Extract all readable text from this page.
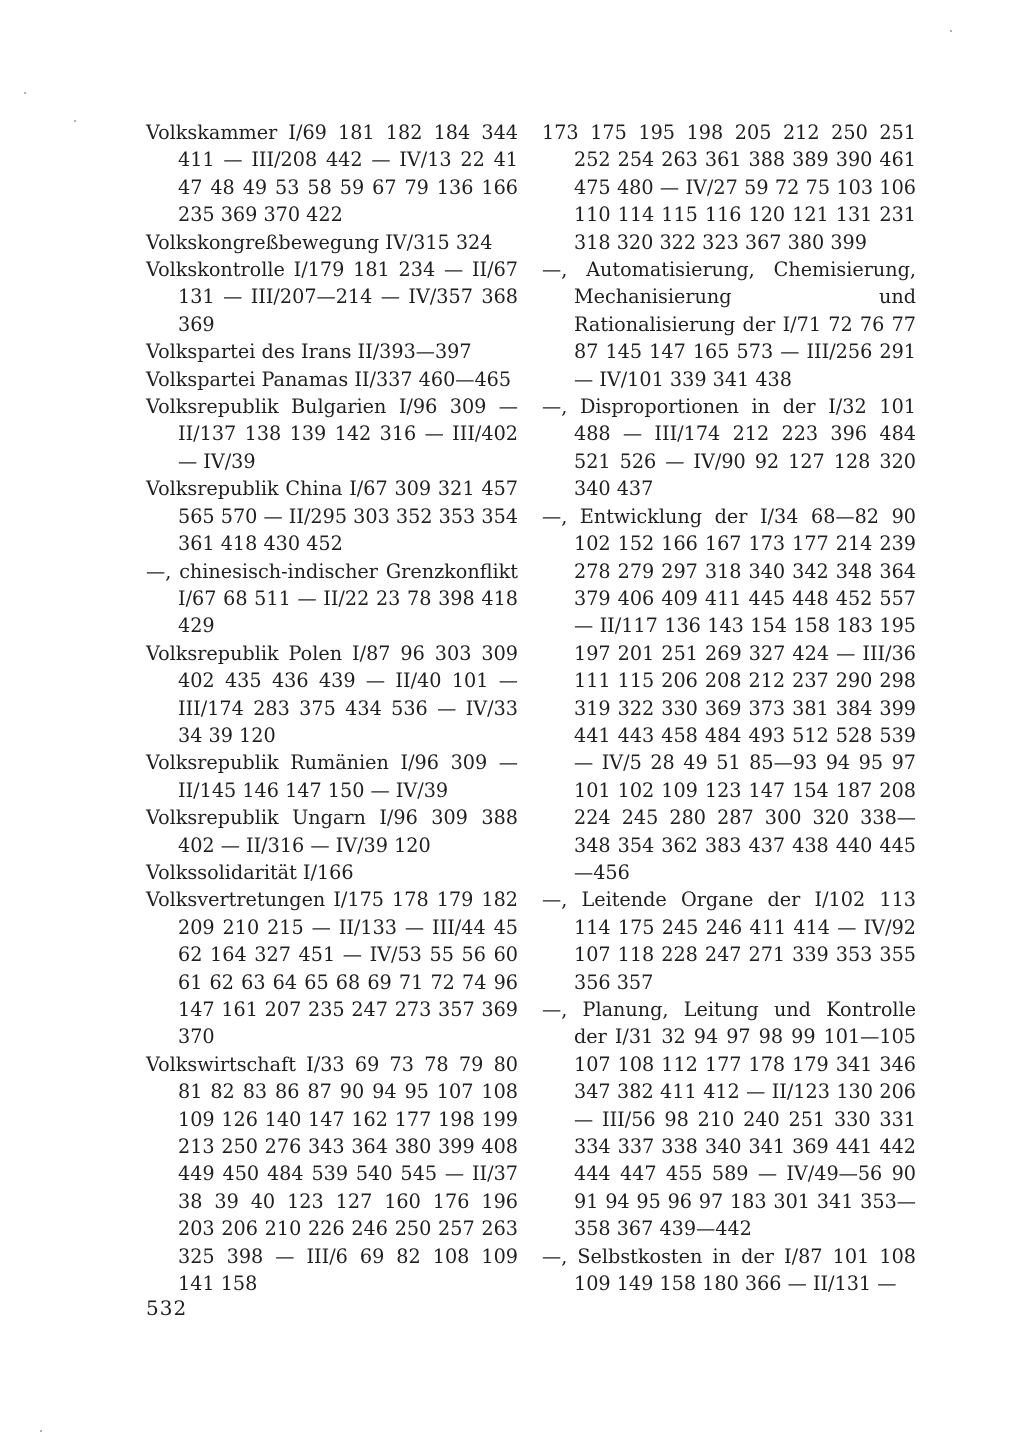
Volkskammer I/69 181 182 184 344 411 — III/208 442 — IV/13 22 41 47 48 49 53 58 59 67 79 136 166 235 369 370 422

Volkskongreßbewegung IV/315 324

Volkskontrolle I/179 181 234 — II/67 131 — III/207—214 — IV/357 368 369

Volkspartei des Irans II/393—397

Volkspartei Panamas II/337 460—465

Volksrepublik Bulgarien I/96 309 — II/137 138 139 142 316 — III/402 — IV/39

Volksrepublik China I/67 309 321 457 565 570 — II/295 303 352 353 354 361 418 430 452

—, chinesisch-indischer Grenzkonflikt I/67 68 511 — II/22 23 78 398 418 429

Volksrepublik Polen I/87 96 303 309 402 435 436 439 — II/40 101 — III/174 283 375 434 536 — IV/33 34 39 120

Volksrepublik Rumänien I/96 309 — II/145 146 147 150 — IV/39

Volksrepublik Ungarn I/96 309 388 402 — II/316 — IV/39 120

Volkssolidarität I/166

Volksvertretungen I/175 178 179 182 209 210 215 — II/133 — III/44 45 62 164 327 451 — IV/53 55 56 60 61 62 63 64 65 68 69 71 72 74 96 147 161 207 235 247 273 357 369 370

Volkswirtschaft I/33 69 73 78 79 80 81 82 83 86 87 90 94 95 107 108 109 126 140 147 162 177 198 199 213 250 276 343 364 380 399 408 449 450 484 539 540 545 — II/37 38 39 40 123 127 160 176 196 203 206 210 226 246 250 257 263 325 398 — III/6 69 82 108 109 141 158

173 175 195 198 205 212 250 251 252 254 263 361 388 389 390 461 475 480 — IV/27 59 72 75 103 106 110 114 115 116 120 121 131 231 318 320 322 323 367 380 399

—, Automatisierung, Chemisierung, Mechanisierung und Rationalisierung der I/71 72 76 77 87 145 147 165 573 — III/256 291 — IV/101 339 341 438

—, Disproportionen in der I/32 101 488 — III/174 212 223 396 484 521 526 — IV/90 92 127 128 320 340 437

—, Entwicklung der I/34 68—82 90 102 152 166 167 173 177 214 239 278 279 297 318 340 342 348 364 379 406 409 411 445 448 452 557 — II/117 136 143 154 158 183 195 197 201 251 269 327 424 — III/36 111 115 206 208 212 237 290 298 319 322 330 369 373 381 384 399 441 443 458 484 493 512 528 539 — IV/5 28 49 51 85—93 94 95 97 101 102 109 123 147 154 187 208 224 245 280 287 300 320 338—348 354 362 383 437 438 440 445—456

—, Leitende Organe der I/102 113 114 175 245 246 411 414 — IV/92 107 118 228 247 271 339 353 355 356 357

—, Planung, Leitung und Kontrolle der I/31 32 94 97 98 99 101—105 107 108 112 177 178 179 341 346 347 382 411 412 — II/123 130 206 — III/56 98 210 240 251 330 331 334 337 338 340 341 369 441 442 444 447 455 589 — IV/49—56 90 91 94 95 96 97 183 301 341 353—358 367 439—442

—, Selbstkosten in der I/87 101 108 109 149 158 180 366 — II/131 —

532
